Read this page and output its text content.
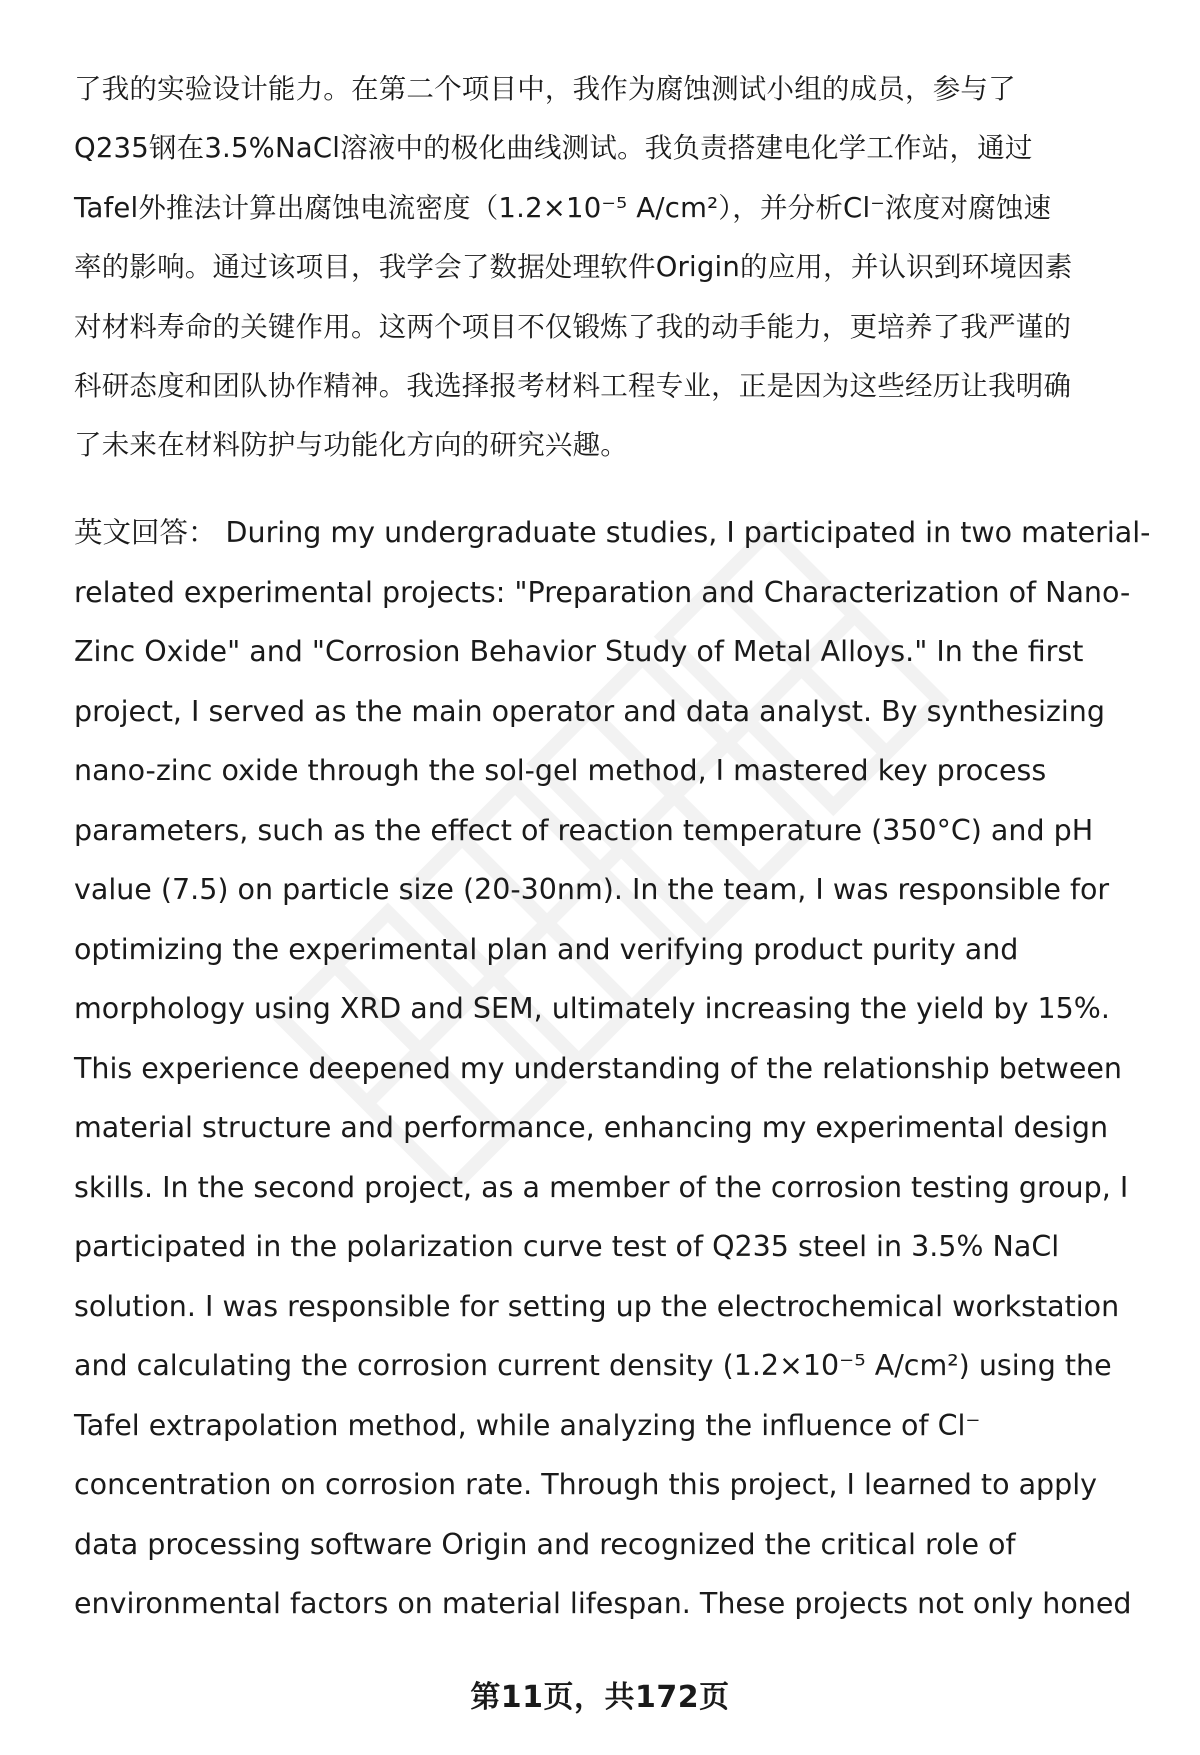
了我的实验设计能力。在第二个项目中，我作为腐蚀测试小组的成员，参与了
Q235钢在3.5%NaCl溶液中的极化曲线测试。我负责搭建电化学工作站，通过
Tafel外推法计算出腐蚀电流密度（1.2×10⁻⁵ A/cm²），并分析Cl⁻浓度对腐蚀速
率的影响。通过该项目，我学会了数据处理软件Origin的应用，并认识到环境因素
对材料寿命的关键作用。这两个项目不仅锻炼了我的动手能力，更培养了我严谨的
科研态度和团队协作精神。我选择报考材料工程专业，正是因为这些经历让我明确
了未来在材料防护与功能化方向的研究兴趣。
英文回答： During my undergraduate studies, I participated in two material-
related experimental projects: "Preparation and Characterization of Nano-
Zinc Oxide" and "Corrosion Behavior Study of Metal Alloys." In the first
project, I served as the main operator and data analyst. By synthesizing
nano-zinc oxide through the sol-gel method, I mastered key process
parameters, such as the effect of reaction temperature (350°C) and pH
value (7.5) on particle size (20-30nm). In the team, I was responsible for
optimizing the experimental plan and verifying product purity and
morphology using XRD and SEM, ultimately increasing the yield by 15%.
This experience deepened my understanding of the relationship between
material structure and performance, enhancing my experimental design
skills. In the second project, as a member of the corrosion testing group, I
participated in the polarization curve test of Q235 steel in 3.5% NaCl
solution. I was responsible for setting up the electrochemical workstation
and calculating the corrosion current density (1.2×10⁻⁵ A/cm²) using the
Tafel extrapolation method, while analyzing the influence of Cl⁻
concentration on corrosion rate. Through this project, I learned to apply
data processing software Origin and recognized the critical role of
environmental factors on material lifespan. These projects not only honed
第11页，共172页
